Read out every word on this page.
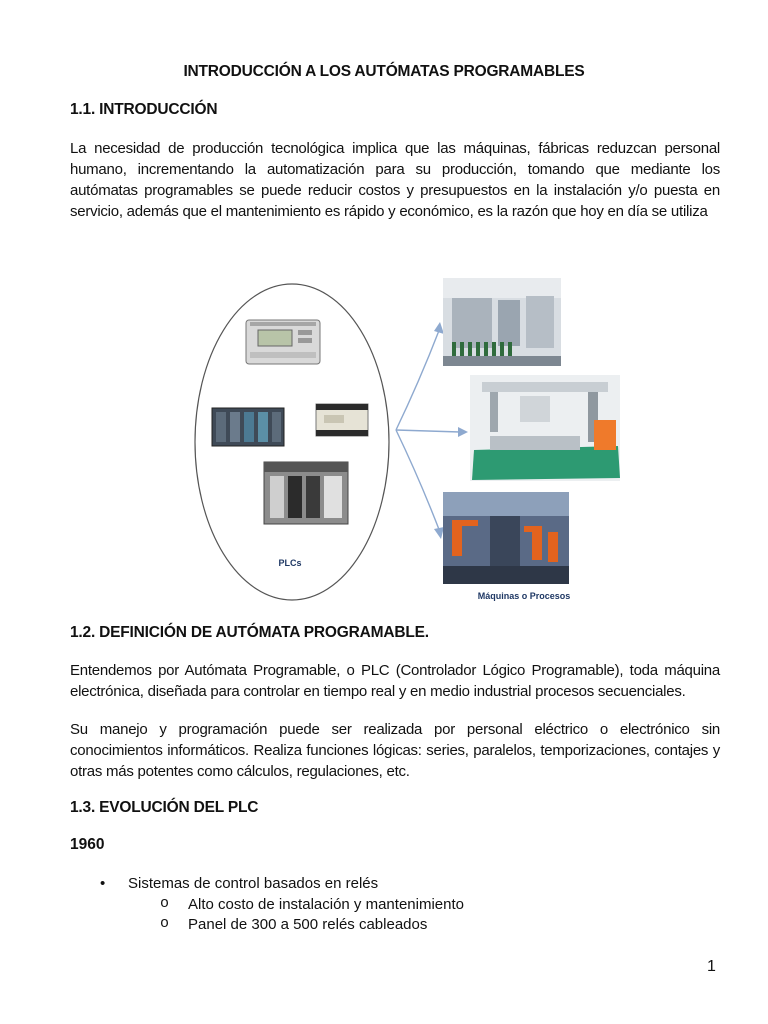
INTRODUCCIÓN A LOS AUTÓMATAS PROGRAMABLES
1.1. INTRODUCCIÓN

La necesidad de producción tecnológica implica que las máquinas, fábricas reduzcan personal humano, incrementando la automatización para su producción, tomando que mediante los autómatas programables se puede reducir costos y presupuestos en la instalación y/o puesta en servicio, además que el mantenimiento es rápido y económico, es la razón que hoy en día se utiliza

PLCs
Máquinas o Procesos
1.2. DEFINICIÓN DE AUTÓMATA PROGRAMABLE.

Entendemos por Autómata Programable, o PLC (Controlador Lógico Programable), toda máquina electrónica, diseñada para controlar en tiempo real y en medio industrial procesos secuenciales.

Su manejo y programación puede ser realizada por personal eléctrico o electrónico sin conocimientos informáticos. Realiza funciones lógicas: series, paralelos, temporizaciones, contajes y otras más potentes como cálculos, regulaciones, etc.

1.3. EVOLUCIÓN DEL PLC
1960
•	Sistemas de control basados en relés
o	Alto costo de instalación y mantenimiento
o	Panel de 300 a 500 relés cableados
1
